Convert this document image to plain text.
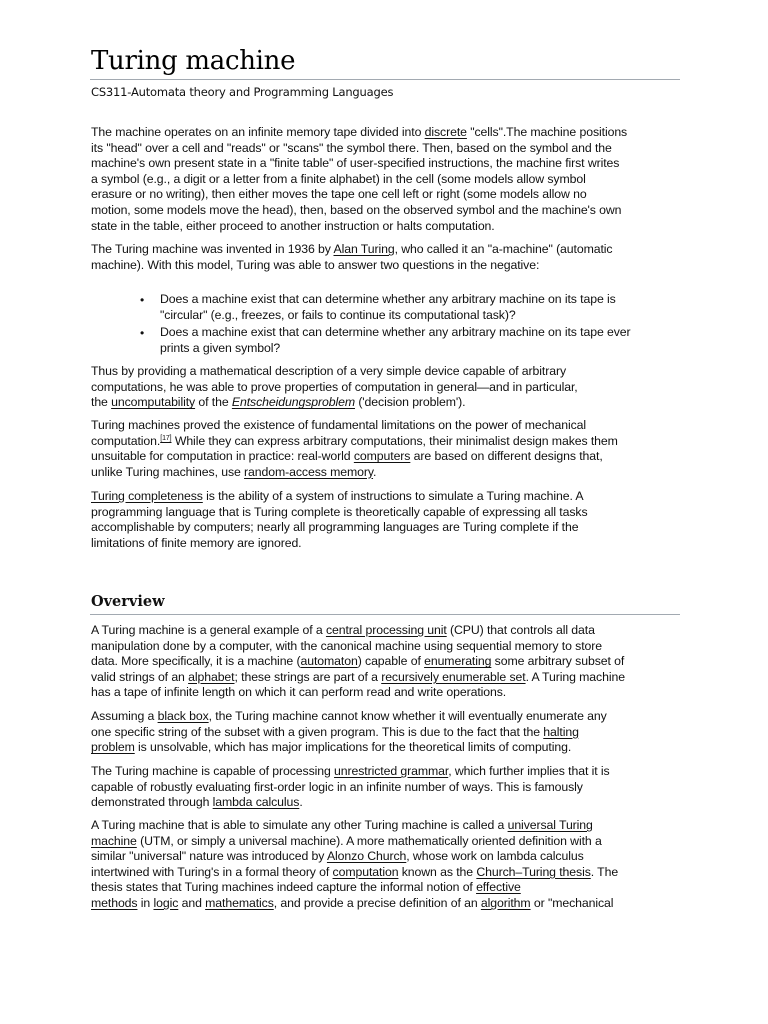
Turing machine
CS311-Automata theory and Programming Languages

The machine operates on an infinite memory tape divided into discrete "cells".The machine positions

its "head" over a cell and "reads" or "scans" the symbol there. Then, based on the symbol and the

machine's own present state in a "finite table" of user-specified instructions, the machine first writes

a symbol (e.g., a digit or a letter from a finite alphabet) in the cell (some models allow symbol

erasure or no writing), then either moves the tape one cell left or right (some models allow no

motion, some models move the head), then, based on the observed symbol and the machine's own

state in the table, either proceed to another instruction or halts computation.

The Turing machine was invented in 1936 by Alan Turing, who called it an "a-machine" (automatic

machine). With this model, Turing was able to answer two questions in the negative:

• Does a machine exist that can determine whether any arbitrary machine on its tape is

"circular" (e.g., freezes, or fails to continue its computational task)?

• Does a machine exist that can determine whether any arbitrary machine on its tape ever

prints a given symbol?

Thus by providing a mathematical description of a very simple device capable of arbitrary

computations, he was able to prove properties of computation in general—and in particular,

the uncomputability of the Entscheidungsproblem ('decision problem').

Turing machines proved the existence of fundamental limitations on the power of mechanical

computation.[17] While they can express arbitrary computations, their minimalist design makes them

unsuitable for computation in practice: real-world computers are based on different designs that,

unlike Turing machines, use random-access memory.

Turing completeness is the ability of a system of instructions to simulate a Turing machine. A

programming language that is Turing complete is theoretically capable of expressing all tasks

accomplishable by computers; nearly all programming languages are Turing complete if the

limitations of finite memory are ignored.

Overview

A Turing machine is a general example of a central processing unit (CPU) that controls all data

manipulation done by a computer, with the canonical machine using sequential memory to store

data. More specifically, it is a machine (automaton) capable of enumerating some arbitrary subset of

valid strings of an alphabet; these strings are part of a recursively enumerable set. A Turing machine

has a tape of infinite length on which it can perform read and write operations.

Assuming a black box, the Turing machine cannot know whether it will eventually enumerate any

one specific string of the subset with a given program. This is due to the fact that the halting

problem is unsolvable, which has major implications for the theoretical limits of computing.

The Turing machine is capable of processing unrestricted grammar, which further implies that it is

capable of robustly evaluating first-order logic in an infinite number of ways. This is famously

demonstrated through lambda calculus.

A Turing machine that is able to simulate any other Turing machine is called a universal Turing

machine (UTM, or simply a universal machine). A more mathematically oriented definition with a

similar "universal" nature was introduced by Alonzo Church, whose work on lambda calculus

intertwined with Turing's in a formal theory of computation known as the Church–Turing thesis. The

thesis states that Turing machines indeed capture the informal notion of effective

methods in logic and mathematics, and provide a precise definition of an algorithm or "mechanical
